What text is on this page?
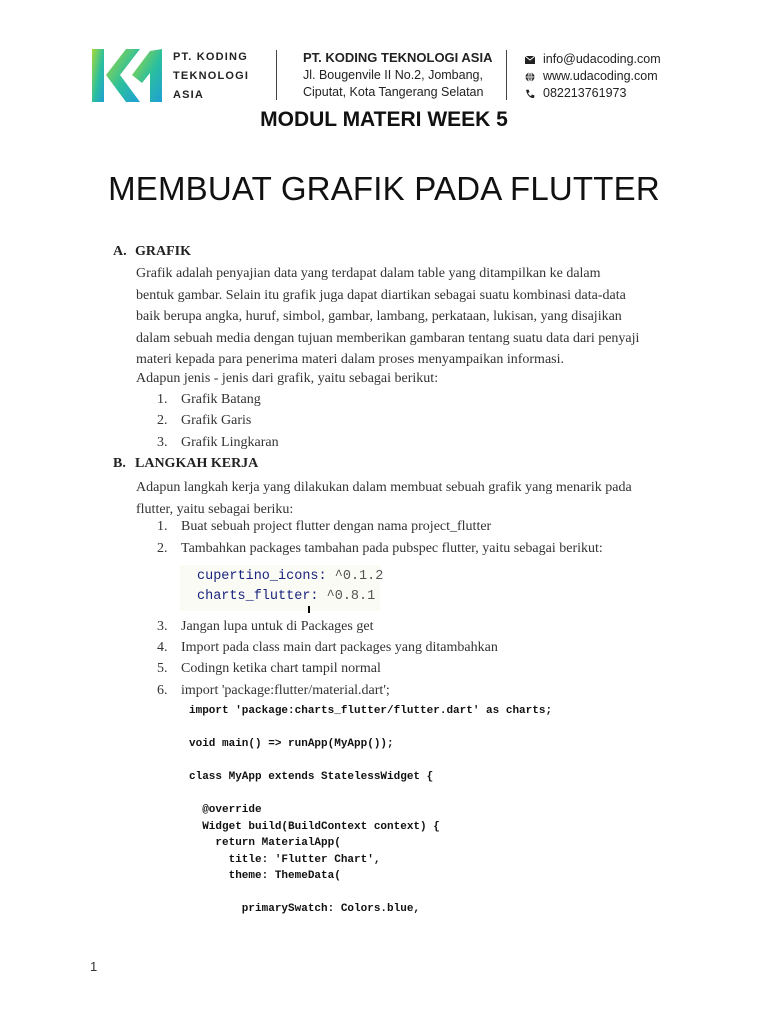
PT. KODING
TEKNOLOGI
ASIA
PT. KODING TEKNOLOGI ASIA
Jl. Bougenvile II No.2, Jombang,
Ciputat, Kota Tangerang Selatan
info@udacoding.com
www.udacoding.com
082213761973
MODUL MATERI WEEK 5
MEMBUAT GRAFIK PADA FLUTTER
A. GRAFIK
Grafik adalah penyajian data yang terdapat dalam table yang ditampilkan ke dalam
bentuk gambar. Selain itu grafik juga dapat diartikan sebagai suatu kombinasi data-data
baik berupa angka, huruf, simbol, gambar, lambang, perkataan, lukisan, yang disajikan
dalam sebuah media dengan tujuan memberikan gambaran tentang suatu data dari penyaji
materi kepada para penerima materi dalam proses menyampaikan informasi.
Adapun jenis - jenis dari grafik, yaitu sebagai berikut:
1. Grafik Batang
2. Grafik Garis
3. Grafik Lingkaran
B. LANGKAH KERJA
Adapun langkah kerja yang dilakukan dalam membuat sebuah grafik yang menarik pada
flutter, yaitu sebagai beriku:
1. Buat sebuah project flutter dengan nama project_flutter
2. Tambahkan packages tambahan pada pubspec flutter, yaitu sebagai berikut:
cupertino_icons: ^0.1.2
charts_flutter: ^0.8.1
3. Jangan lupa untuk di Packages get
4. Import pada class main dart packages yang ditambahkan
5. Codingn ketika chart tampil normal
6. import 'package:flutter/material.dart';
import 'package:charts_flutter/flutter.dart' as charts;
void main() => runApp(MyApp());
class MyApp extends StatelessWidget {
@override
Widget build(BuildContext context) {
return MaterialApp(
title: 'Flutter Chart',
theme: ThemeData(
primarySwatch: Colors.blue,
1
